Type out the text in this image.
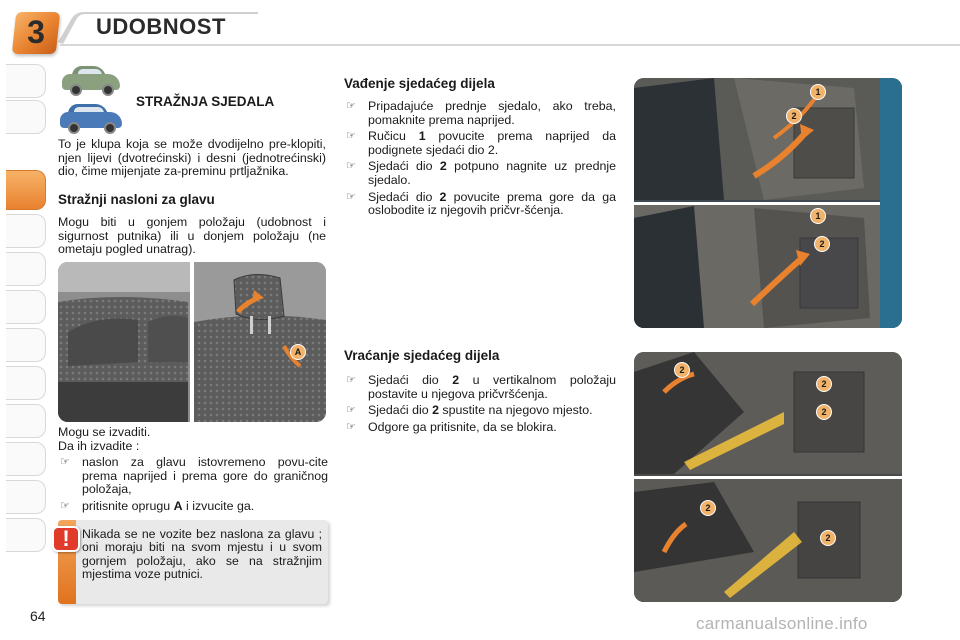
3	UDOBNOST
STRAŽNJA SJEDALA
To je klupa koja se može dvodijelno pre-klopiti, njen lijevi (dvotrećinski) i desni (jednotrećinski) dio, čime mijenjate za-preminu prtljažnika.
Stražnji nasloni za glavu
Mogu biti u gonjem položaju (udobnost i sigurnost putnika) ili u donjem položaju (ne ometaju pogled unatrag).
A
Mogu se izvaditi.
Da ih izvadite :
☞ naslon za glavu istovremeno povu-cite prema naprijed i prema gore do graničnog položaja,
☞ pritisnite oprugu A i izvucite ga.
!	Nikada se ne vozite bez naslona za glavu ; oni moraju biti na svom mjestu i u svom gornjem položaju, ako se na stražnjim mjestima voze putnici.
Vađenje sjedaćeg dijela
☞ Pripadajuće prednje sjedalo, ako treba, pomaknite prema naprijed.
☞ Ručicu 1 povucite prema naprijed da podignete sjedaći dio 2.
☞ Sjedaći dio 2 potpuno nagnite uz prednje sjedalo.
☞ Sjedaći dio 2 povucite prema gore da ga oslobodite iz njegovih pričvr-šćenja.
Vraćanje sjedaćeg dijela
☞ Sjedaći dio 2 u vertikalnom položaju postavite u njegova pričvršćenja.
☞ Sjedaći dio 2 spustite na njegovo mjesto.
☞ Odgore ga pritisnite, da se blokira.
1
2
1
2
2
2
2
2
2
64	carmanualsonline.info
